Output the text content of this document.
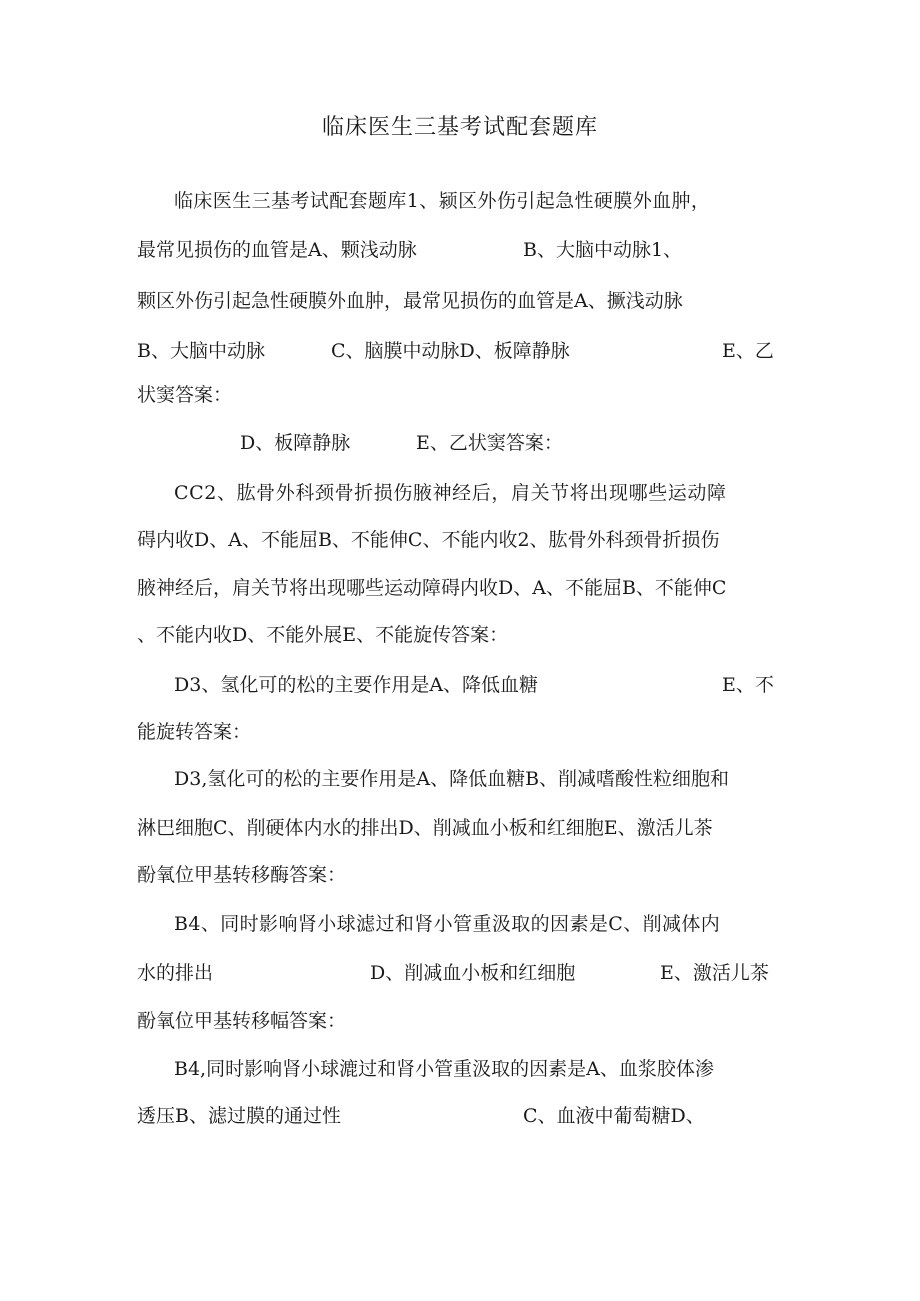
临床医生三基考试配套题库
临床医生三基考试配套题库1、颍区外伤引起急性硬膜外血肿，
最常见损伤的血管是A、颗浅动脉	B、大脑中动脉1、
颗区外伤引起急性硬膜外血肿，最常见损伤的血管是A、撅浅动脉
B、大脑中动脉	C、脑膜中动脉D、板障静脉	E、乙
状窦答案：
D、板障静脉	E、乙状窦答案：
CC2、肱骨外科颈骨折损伤腋神经后，肩关节将出现哪些运动障
碍内收D、A、不能屈B、不能伸C、不能内收2、肱骨外科颈骨折损伤
腋神经后，肩关节将出现哪些运动障碍内收D、A、不能屈B、不能伸C
、不能内收D、不能外展E、不能旋传答案：
D3、氢化可的松的主要作用是A、降低血糖	E、不
能旋转答案：
D3,氢化可的松的主要作用是A、降低血糖B、削减嗜酸性粒细胞和
淋巴细胞C、削硬体内水的排出D、削减血小板和红细胞E、激活儿茶
酚氧位甲基转移酶答案：
B4、同时影响肾小球滤过和肾小管重汲取的因素是C、削减体内
水的排出	D、削减血小板和红细胞	E、激活儿茶
酚氧位甲基转移幅答案：
B4,同时影响肾小球漉过和肾小管重汲取的因素是A、血浆胶体渗
透压B、滤过膜的通过性	C、血液中葡萄糖D、
